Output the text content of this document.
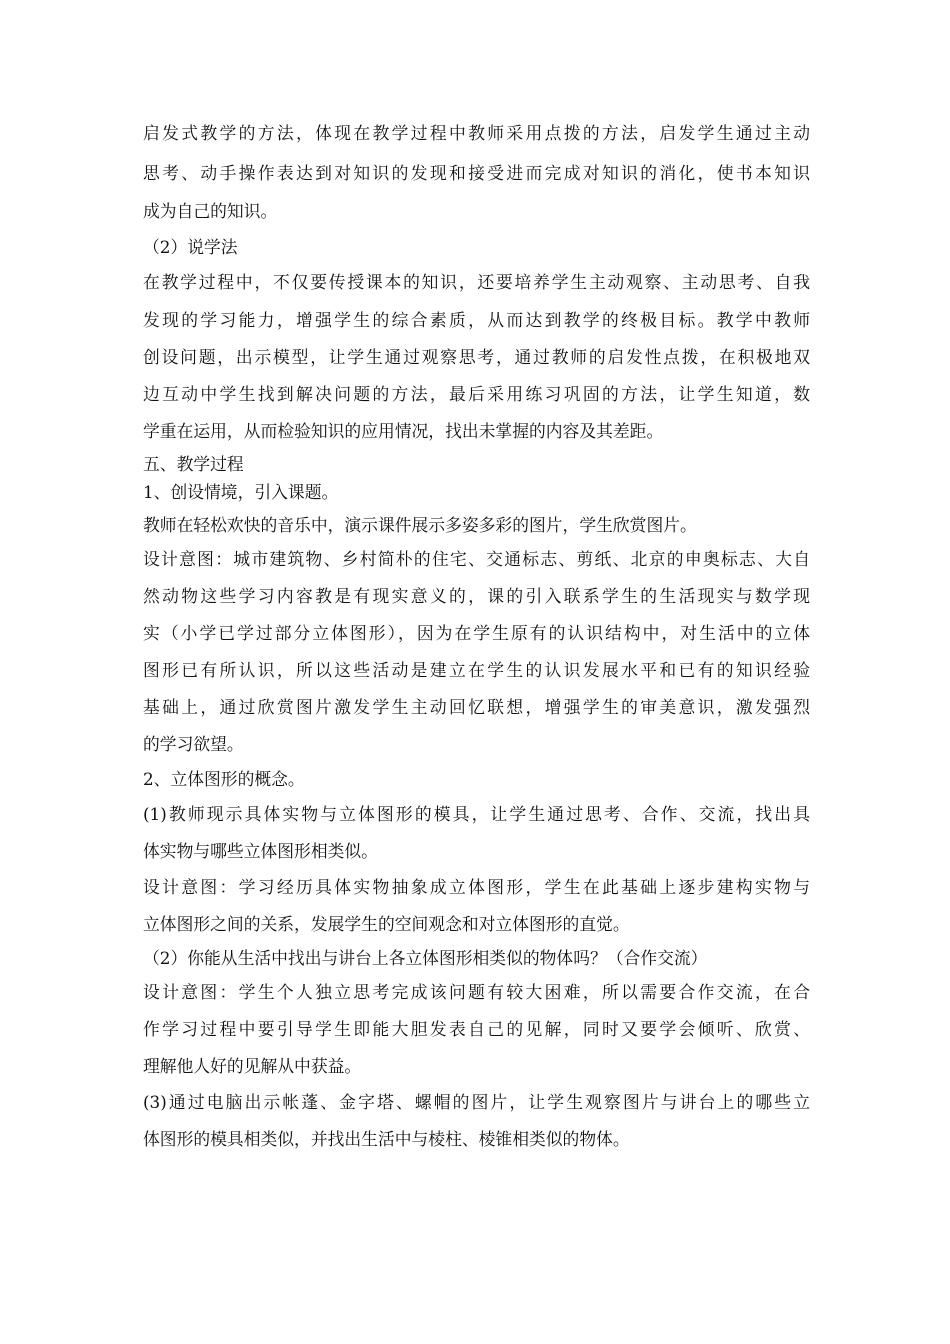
启发式教学的方法，体现在教学过程中教师采用点拨的方法，启发学生通过主动
思考、动手操作表达到对知识的发现和接受进而完成对知识的消化，使书本知识
成为自己的知识。
（2）说学法
在教学过程中，不仅要传授课本的知识，还要培养学生主动观察、主动思考、自我
发现的学习能力，增强学生的综合素质，从而达到教学的终极目标。教学中教师
创设问题，出示模型，让学生通过观察思考，通过教师的启发性点拨，在积极地双
边互动中学生找到解决问题的方法，最后采用练习巩固的方法，让学生知道，数
学重在运用，从而检验知识的应用情况，找出未掌握的内容及其差距。
五、教学过程
1、创设情境，引入课题。
教师在轻松欢快的音乐中，演示课件展示多姿多彩的图片，学生欣赏图片。
设计意图：城市建筑物、乡村简朴的住宅、交通标志、剪纸、北京的申奥标志、大自
然动物这些学习内容教是有现实意义的，课的引入联系学生的生活现实与数学现
实（小学已学过部分立体图形），因为在学生原有的认识结构中，对生活中的立体
图形已有所认识，所以这些活动是建立在学生的认识发展水平和已有的知识经验
基础上，通过欣赏图片激发学生主动回忆联想，增强学生的审美意识，激发强烈
的学习欲望。
2、立体图形的概念。
(1)教师现示具体实物与立体图形的模具，让学生通过思考、合作、交流，找出具
体实物与哪些立体图形相类似。
设计意图：学习经历具体实物抽象成立体图形，学生在此基础上逐步建构实物与
立体图形之间的关系，发展学生的空间观念和对立体图形的直觉。
（2）你能从生活中找出与讲台上各立体图形相类似的物体吗？（合作交流）
设计意图：学生个人独立思考完成该问题有较大困难，所以需要合作交流，在合
作学习过程中要引导学生即能大胆发表自己的见解，同时又要学会倾听、欣赏、
理解他人好的见解从中获益。
(3)通过电脑出示帐蓬、金字塔、螺帽的图片，让学生观察图片与讲台上的哪些立
体图形的模具相类似，并找出生活中与棱柱、棱锥相类似的物体。
